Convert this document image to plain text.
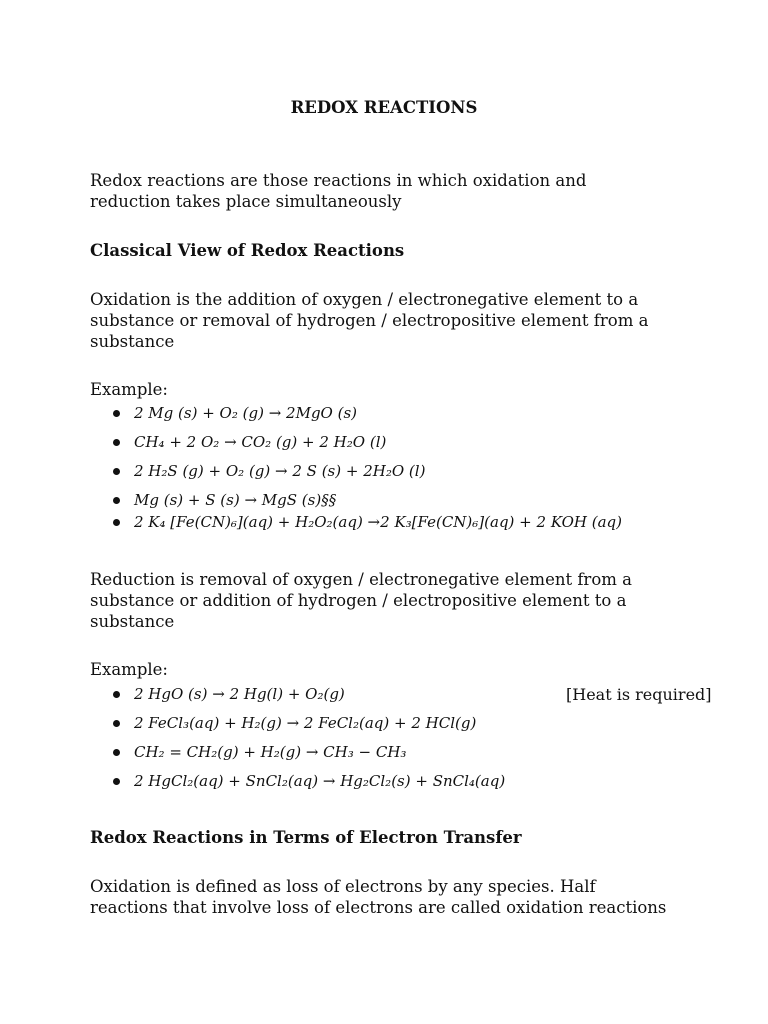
REDOX REACTIONS
Redox reactions are those reactions in which oxidation and
reduction takes place simultaneously
Classical View of Redox Reactions
Oxidation is the addition of oxygen / electronegative element to a
substance or removal of hydrogen / electropositive element from a
substance
Example:
2 Mg (s) + O₂ (g) → 2MgO (s)
CH₄ + 2 O₂ → CO₂ (g) + 2 H₂O (l)
2 H₂S (g) + O₂ (g) → 2 S (s) + 2H₂O (l)
Mg (s) + S (s) → MgS (s)§§
2 K₄ [Fe(CN)₆](aq) + H₂O₂(aq) →2 K₃[Fe(CN)₆](aq) + 2 KOH (aq)
Reduction is removal of oxygen / electronegative element from a
substance or addition of hydrogen / electropositive element to a
substance
Example:
2 HgO (s) → 2 Hg(l) + O₂(g)	[Heat is required]
2 FeCl₃(aq) + H₂(g) → 2 FeCl₂(aq) + 2 HCl(g)
CH₂ = CH₂(g) + H₂(g) → CH₃ − CH₃
2 HgCl₂(aq) + SnCl₂(aq) → Hg₂Cl₂(s) + SnCl₄(aq)
Redox Reactions in Terms of Electron Transfer
Oxidation is defined as loss of electrons by any species. Half
reactions that involve loss of electrons are called oxidation reactions
